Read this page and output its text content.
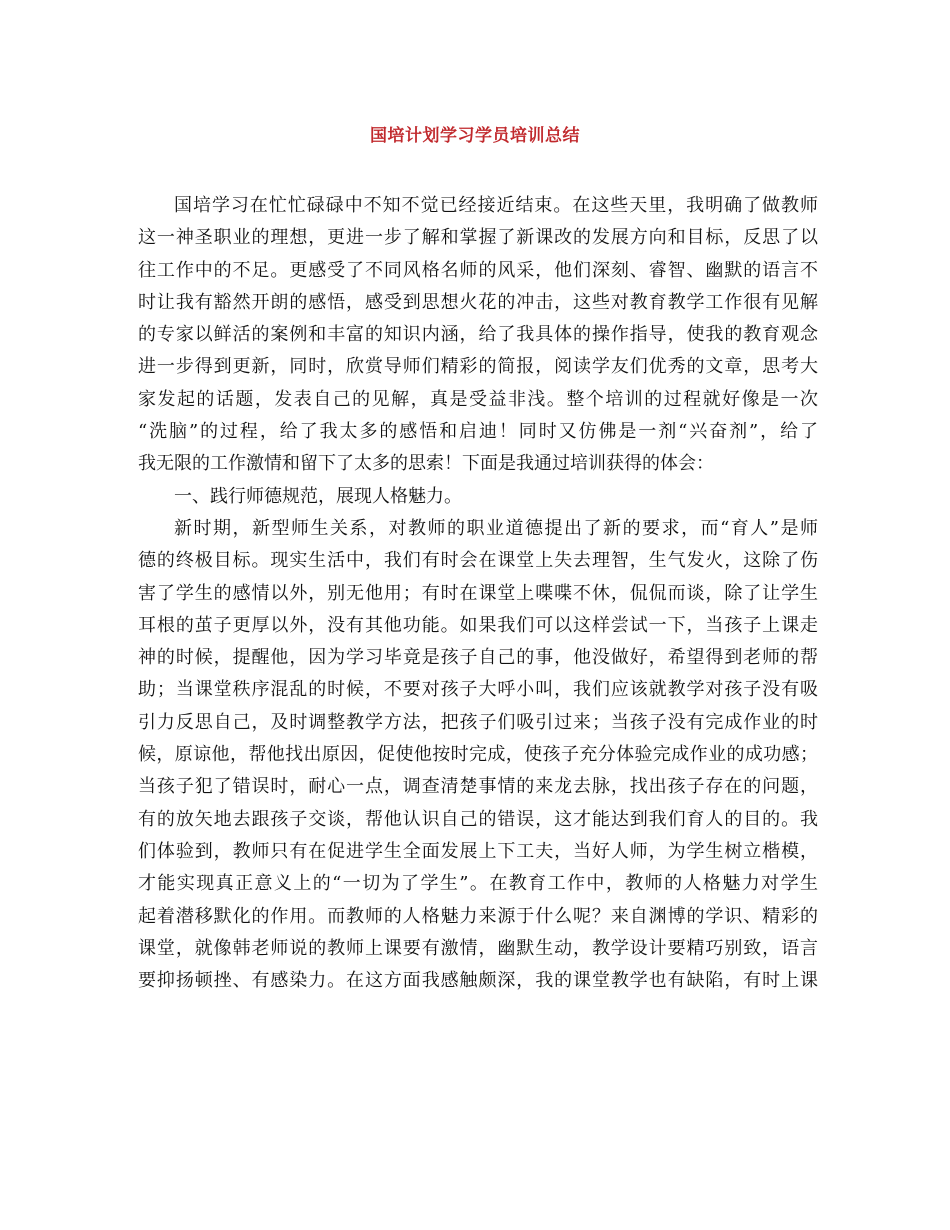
国培计划学习学员培训总结
国培学习在忙忙碌碌中不知不觉已经接近结束。在这些天里，我明确了做教师
这一神圣职业的理想，更进一步了解和掌握了新课改的发展方向和目标，反思了以
往工作中的不足。更感受了不同风格名师的风采，他们深刻、睿智、幽默的语言不
时让我有豁然开朗的感悟，感受到思想火花的冲击，这些对教育教学工作很有见解
的专家以鲜活的案例和丰富的知识内涵，给了我具体的操作指导，使我的教育观念
进一步得到更新，同时，欣赏导师们精彩的简报，阅读学友们优秀的文章，思考大
家发起的话题，发表自己的见解，真是受益非浅。整个培训的过程就好像是一次
“洗脑”的过程，给了我太多的感悟和启迪！同时又仿佛是一剂“兴奋剂”，给了
我无限的工作激情和留下了太多的思索！下面是我通过培训获得的体会：
一、践行师德规范，展现人格魅力。
新时期，新型师生关系，对教师的职业道德提出了新的要求，而“育人”是师
德的终极目标。现实生活中，我们有时会在课堂上失去理智，生气发火，这除了伤
害了学生的感情以外，别无他用；有时在课堂上喋喋不休，侃侃而谈，除了让学生
耳根的茧子更厚以外，没有其他功能。如果我们可以这样尝试一下，当孩子上课走
神的时候，提醒他，因为学习毕竟是孩子自己的事，他没做好，希望得到老师的帮
助；当课堂秩序混乱的时候，不要对孩子大呼小叫，我们应该就教学对孩子没有吸
引力反思自己，及时调整教学方法，把孩子们吸引过来；当孩子没有完成作业的时
候，原谅他，帮他找出原因，促使他按时完成，使孩子充分体验完成作业的成功感；
当孩子犯了错误时，耐心一点，调查清楚事情的来龙去脉，找出孩子存在的问题，
有的放矢地去跟孩子交谈，帮他认识自己的错误，这才能达到我们育人的目的。我
们体验到，教师只有在促进学生全面发展上下工夫，当好人师，为学生树立楷模，
才能实现真正意义上的“一切为了学生”。在教育工作中，教师的人格魅力对学生
起着潜移默化的作用。而教师的人格魅力来源于什么呢？来自渊博的学识、精彩的
课堂，就像韩老师说的教师上课要有激情，幽默生动，教学设计要精巧别致，语言
要抑扬顿挫、有感染力。在这方面我感触颇深，我的课堂教学也有缺陷，有时上课
